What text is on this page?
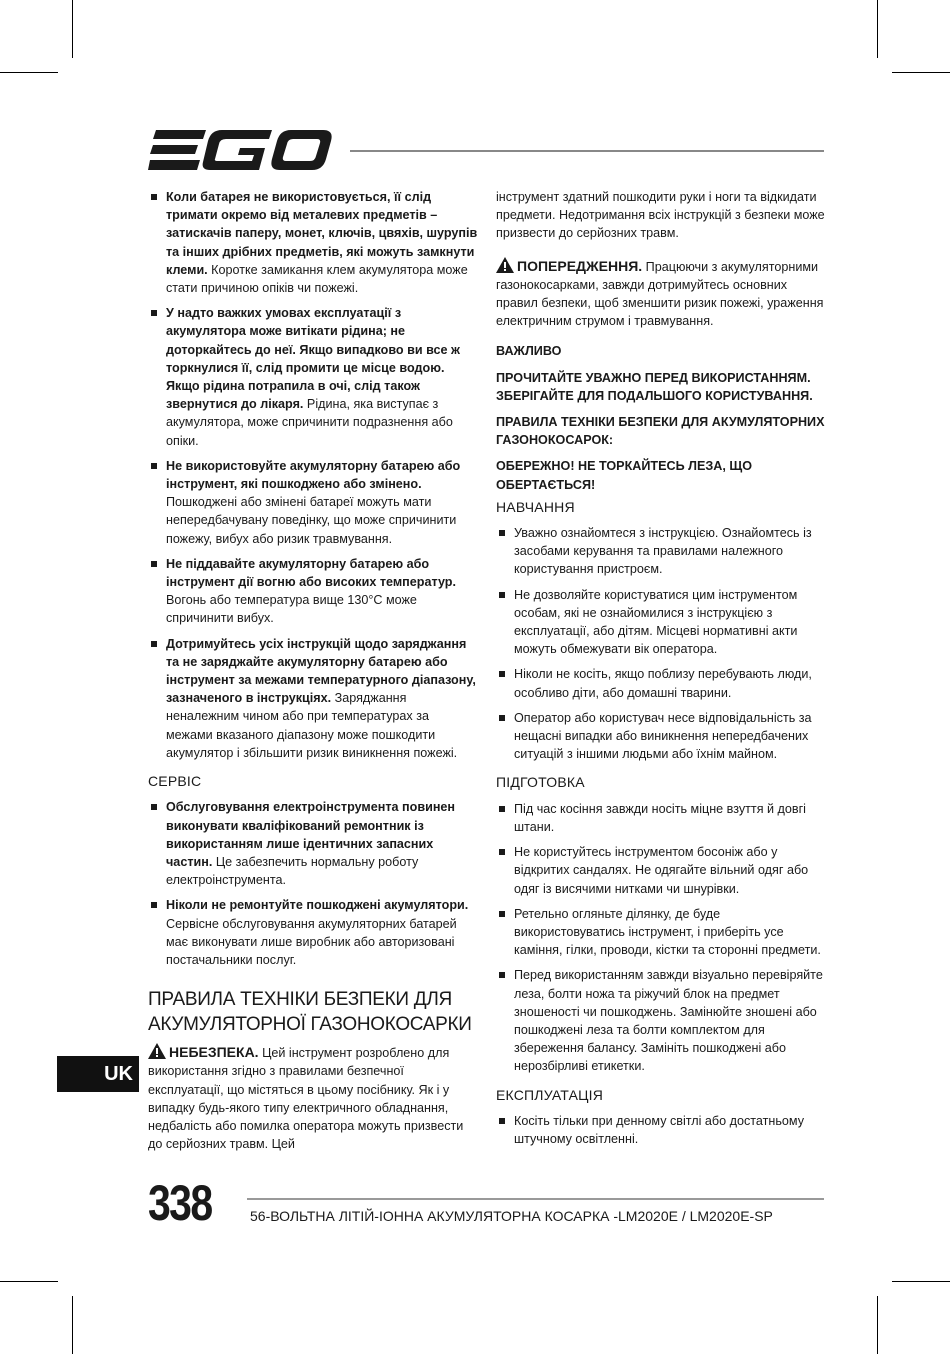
Коли батарея не використовується, її слід тримати окремо від металевих предметів – затискачів паперу, монет, ключів, цвяхів, шурупів та інших дрібних предметів, які можуть замкнути клеми. Коротке замикання клем акумулятора може стати причиною опіків чи пожежі.
У надто важких умовах експлуатації з акумулятора може витікати рідина; не доторкайтесь до неї. Якщо випадково ви все ж торкнулися її, слід промити це місце водою. Якщо рідина потрапила в очі, слід також звернутися до лікаря. Рідина, яка виступає з акумулятора, може спричинити подразнення або опіки.
Не використовуйте акумуляторну батарею або інструмент, які пошкоджено або змінено. Пошкоджені або змінені батареї можуть мати непередбачувану поведінку, що може спричинити пожежу, вибух або ризик травмування.
Не піддавайте акумуляторну батарею або інструмент дії вогню або високих температур. Вогонь або температура вище 130°C може спричинити вибух.
Дотримуйтесь усіх інструкцій щодо заряджання та не заряджайте акумуляторну батарею або інструмент за межами температурного діапазону, зазначеного в інструкціях. Заряджання неналежним чином або при температурах за межами вказаного діапазону може пошкодити акумулятор і збільшити ризик виникнення пожежі.
СЕРВІС
Обслуговування електроінструмента повинен виконувати кваліфікований ремонтник із використанням лише ідентичних запасних частин. Це забезпечить нормальну роботу електроінструмента.
Ніколи не ремонтуйте пошкоджені акумулятори. Сервісне обслуговування акумуляторних батарей має виконувати лише виробник або авторизовані постачальники послуг.
ПРАВИЛА ТЕХНІКИ БЕЗПЕКИ ДЛЯ АКУМУЛЯТОРНОЇ ГАЗОНОКОСАРКИ

НЕБЕЗПЕКА. Цей інструмент розроблено для використання згідно з правилами безпечної експлуатації, що містяться в цьому посібнику. Як і у випадку будь-якого типу електричного обладнання, недбалість або помилка оператора можуть призвести до серйозних травм. Цей

інструмент здатний пошкодити руки і ноги та відкидати предмети. Недотримання всіх інструкцій з безпеки може призвести до серйозних травм.

ПОПЕРЕДЖЕННЯ. Працюючи з акумуляторними газонокосарками, завжди дотримуйтесь основних правил безпеки, щоб зменшити ризик пожежі, ураження електричним струмом і травмування.

ВАЖЛИВО
ПРОЧИТАЙТЕ УВАЖНО ПЕРЕД ВИКОРИСТАННЯМ. ЗБЕРІГАЙТЕ ДЛЯ ПОДАЛЬШОГО КОРИСТУВАННЯ.
ПРАВИЛА ТЕХНІКИ БЕЗПЕКИ ДЛЯ АКУМУЛЯТОРНИХ ГАЗОНОКОСАРОК:
ОБЕРЕЖНО! НЕ ТОРКАЙТЕСЬ ЛЕЗА, ЩО ОБЕРТАЄТЬСЯ!
НАВЧАННЯ
Уважно ознайомтеся з інструкцією. Ознайомтесь із засобами керування та правилами належного користування пристроєм.
Не дозволяйте користуватися цим інструментом особам, які не ознайомилися з інструкцією з експлуатації, або дітям. Місцеві нормативні акти можуть обмежувати вік оператора.
Ніколи не косіть, якщо поблизу перебувають люди, особливо діти, або домашні тварини.
Оператор або користувач несе відповідальність за нещасні випадки або виникнення непередбачених ситуацій з іншими людьми або їхнім майном.
ПІДГОТОВКА
Під час косіння завжди носіть міцне взуття й довгі штани.
Не користуйтесь інструментом босоніж або у відкритих сандалях. Не одягайте вільний одяг або одяг із висячими нитками чи шнурівки.
Ретельно огляньте ділянку, де буде використовуватись інструмент, і приберіть усе каміння, гілки, проводи, кістки та сторонні предмети.
Перед використанням завжди візуально перевіряйте леза, болти ножа та ріжучий блок на предмет зношеності чи пошкоджень. Замінюйте зношені або пошкоджені леза та болти комплектом для збереження балансу. Замініть пошкоджені або нерозбірливі етикетки.
ЕКСПЛУАТАЦІЯ
Косіть тільки при денному світлі або достатньому штучному освітленні.
UK
338	56-ВОЛЬТНА ЛІТІЙ-ІОННА АКУМУЛЯТОРНА КОСАРКА -LM2020E / LM2020E-SP
